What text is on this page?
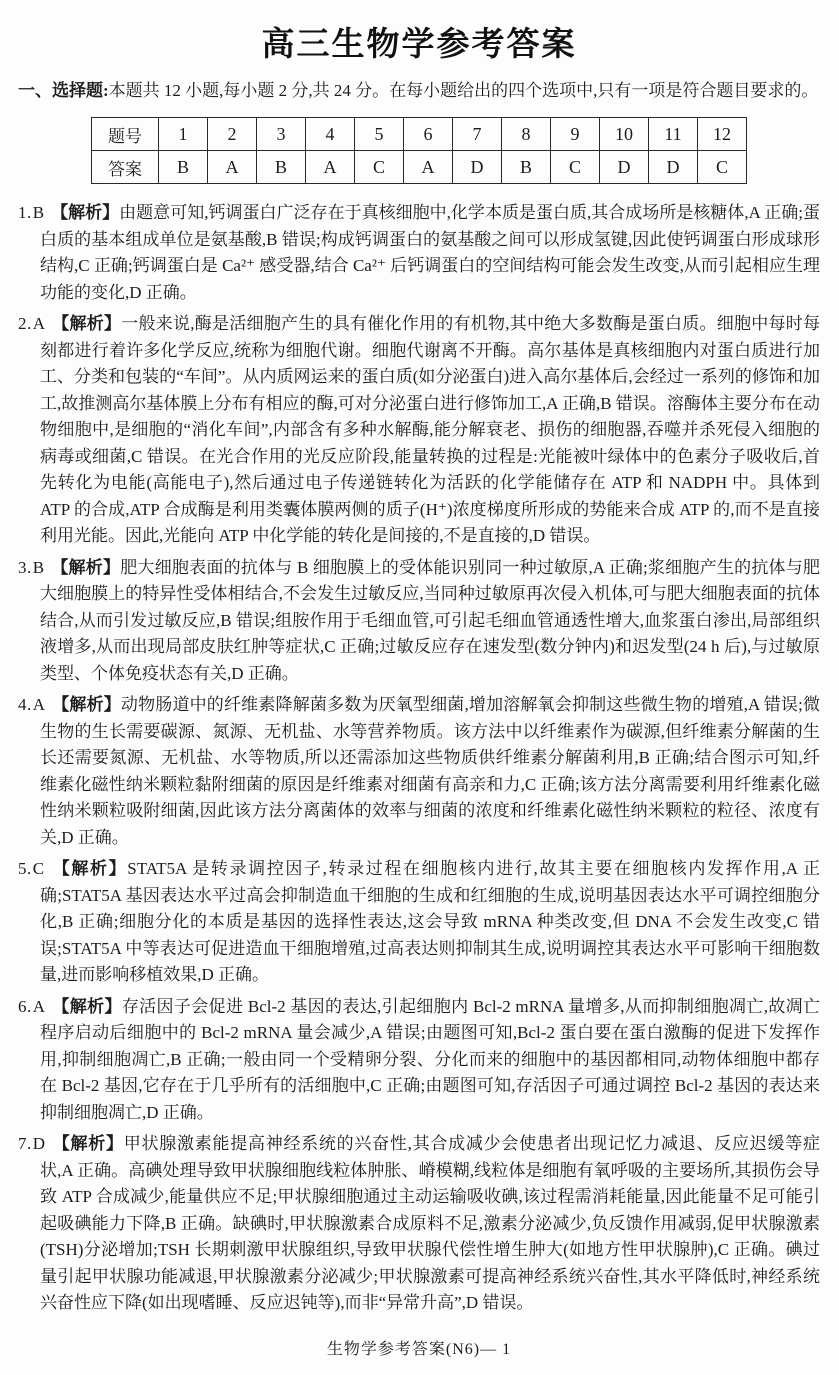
高三生物学参考答案

一、选择题:本题共 12 小题,每小题 2 分,共 24 分。在每小题给出的四个选项中,只有一项是符合题目要求的。

题号	1	2	3	4	5	6	7	8	9	10	11	12
答案	B	A	B	A	C	A	D	B	C	D	D	C

1.B 【解析】由题意可知,钙调蛋白广泛存在于真核细胞中,化学本质是蛋白质,其合成场所是核糖体,A 正确;蛋白质的基本组成单位是氨基酸,B 错误;构成钙调蛋白的氨基酸之间可以形成氢键,因此使钙调蛋白形成球形结构,C 正确;钙调蛋白是 Ca²⁺ 感受器,结合 Ca²⁺ 后钙调蛋白的空间结构可能会发生改变,从而引起相应生理功能的变化,D 正确。

2.A 【解析】一般来说,酶是活细胞产生的具有催化作用的有机物,其中绝大多数酶是蛋白质。细胞中每时每刻都进行着许多化学反应,统称为细胞代谢。细胞代谢离不开酶。高尔基体是真核细胞内对蛋白质进行加工、分类和包装的“车间”。从内质网运来的蛋白质(如分泌蛋白)进入高尔基体后,会经过一系列的修饰和加工,故推测高尔基体膜上分布有相应的酶,可对分泌蛋白进行修饰加工,A 正确,B 错误。溶酶体主要分布在动物细胞中,是细胞的“消化车间”,内部含有多种水解酶,能分解衰老、损伤的细胞器,吞噬并杀死侵入细胞的病毒或细菌,C 错误。在光合作用的光反应阶段,能量转换的过程是:光能被叶绿体中的色素分子吸收后,首先转化为电能(高能电子),然后通过电子传递链转化为活跃的化学能储存在 ATP 和 NADPH 中。具体到 ATP 的合成,ATP 合成酶是利用类囊体膜两侧的质子(H⁺)浓度梯度所形成的势能来合成 ATP 的,而不是直接利用光能。因此,光能向 ATP 中化学能的转化是间接的,不是直接的,D 错误。

3.B 【解析】肥大细胞表面的抗体与 B 细胞膜上的受体能识别同一种过敏原,A 正确;浆细胞产生的抗体与肥大细胞膜上的特异性受体相结合,不会发生过敏反应,当同种过敏原再次侵入机体,可与肥大细胞表面的抗体结合,从而引发过敏反应,B 错误;组胺作用于毛细血管,可引起毛细血管通透性增大,血浆蛋白渗出,局部组织液增多,从而出现局部皮肤红肿等症状,C 正确;过敏反应存在速发型(数分钟内)和迟发型(24 h 后),与过敏原类型、个体免疫状态有关,D 正确。

4.A 【解析】动物肠道中的纤维素降解菌多数为厌氧型细菌,增加溶解氧会抑制这些微生物的增殖,A 错误;微生物的生长需要碳源、氮源、无机盐、水等营养物质。该方法中以纤维素作为碳源,但纤维素分解菌的生长还需要氮源、无机盐、水等物质,所以还需添加这些物质供纤维素分解菌利用,B 正确;结合图示可知,纤维素化磁性纳米颗粒黏附细菌的原因是纤维素对细菌有高亲和力,C 正确;该方法分离需要利用纤维素化磁性纳米颗粒吸附细菌,因此该方法分离菌体的效率与细菌的浓度和纤维素化磁性纳米颗粒的粒径、浓度有关,D 正确。

5.C 【解析】STAT5A 是转录调控因子,转录过程在细胞核内进行,故其主要在细胞核内发挥作用,A 正确;STAT5A 基因表达水平过高会抑制造血干细胞的生成和红细胞的生成,说明基因表达水平可调控细胞分化,B 正确;细胞分化的本质是基因的选择性表达,这会导致 mRNA 种类改变,但 DNA 不会发生改变,C 错误;STAT5A 中等表达可促进造血干细胞增殖,过高表达则抑制其生成,说明调控其表达水平可影响干细胞数量,进而影响移植效果,D 正确。

6.A 【解析】存活因子会促进 Bcl-2 基因的表达,引起细胞内 Bcl-2 mRNA 量增多,从而抑制细胞凋亡,故凋亡程序启动后细胞中的 Bcl-2 mRNA 量会减少,A 错误;由题图可知,Bcl-2 蛋白要在蛋白激酶的促进下发挥作用,抑制细胞凋亡,B 正确;一般由同一个受精卵分裂、分化而来的细胞中的基因都相同,动物体细胞中都存在 Bcl-2 基因,它存在于几乎所有的活细胞中,C 正确;由题图可知,存活因子可通过调控 Bcl-2 基因的表达来抑制细胞凋亡,D 正确。

7.D 【解析】甲状腺激素能提高神经系统的兴奋性,其合成减少会使患者出现记忆力减退、反应迟缓等症状,A 正确。高碘处理导致甲状腺细胞线粒体肿胀、嵴模糊,线粒体是细胞有氧呼吸的主要场所,其损伤会导致 ATP 合成减少,能量供应不足;甲状腺细胞通过主动运输吸收碘,该过程需消耗能量,因此能量不足可能引起吸碘能力下降,B 正确。缺碘时,甲状腺激素合成原料不足,激素分泌减少,负反馈作用减弱,促甲状腺激素(TSH)分泌增加;TSH 长期刺激甲状腺组织,导致甲状腺代偿性增生肿大(如地方性甲状腺肿),C 正确。碘过量引起甲状腺功能减退,甲状腺激素分泌减少;甲状腺激素可提高神经系统兴奋性,其水平降低时,神经系统兴奋性应下降(如出现嗜睡、反应迟钝等),而非“异常升高”,D 错误。

生物学参考答案(N6)— 1
